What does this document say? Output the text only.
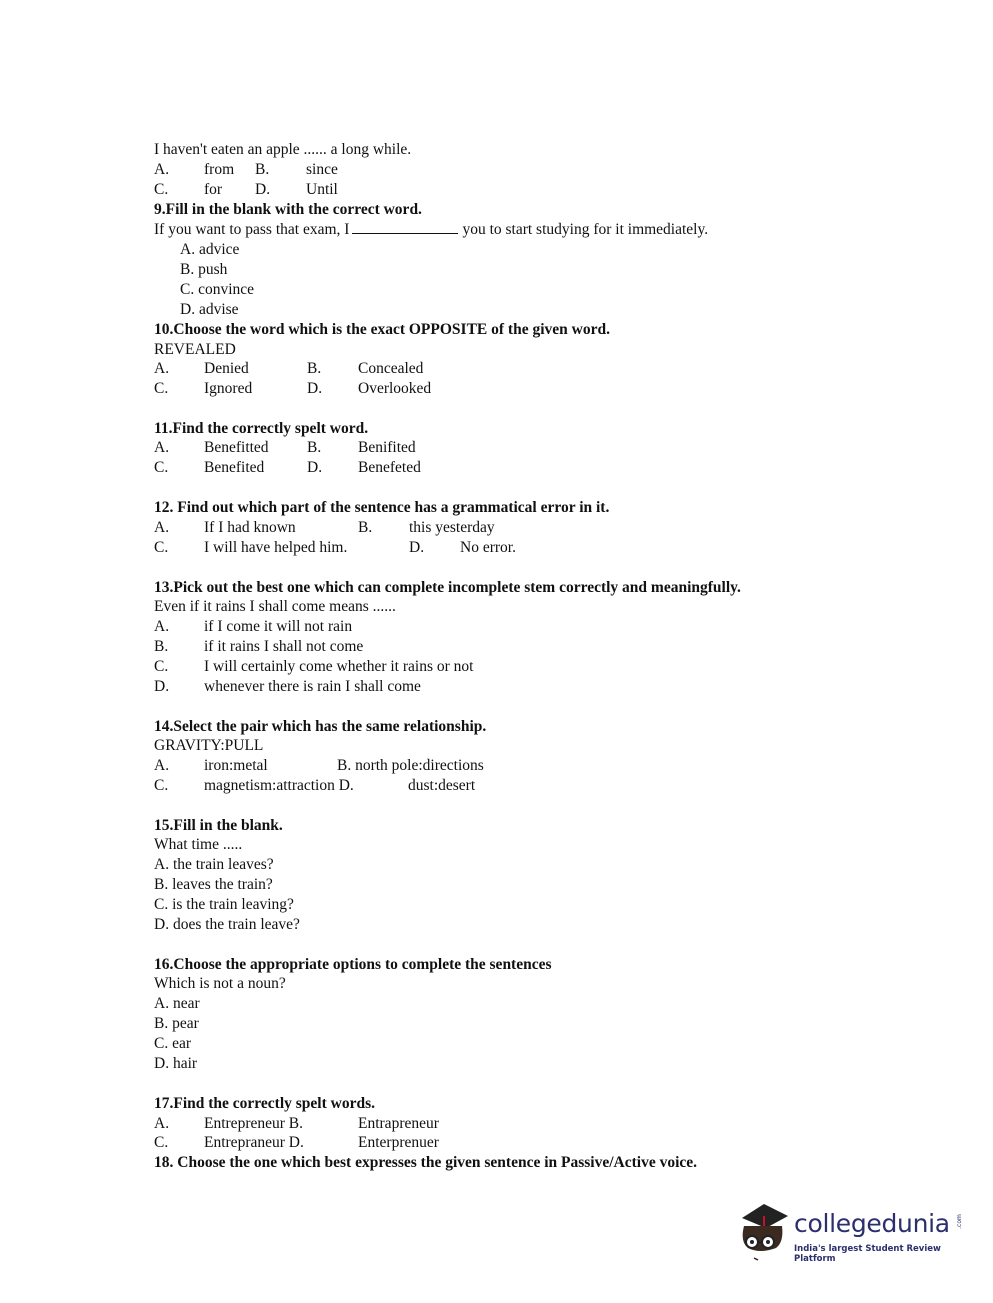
I haven't eaten an apple ...... a long while.
A. from B. since
C. for D. Until
9.Fill in the blank with the correct word.
If you want to pass that exam, I	you to start studying for it immediately.
A. advice
B. push
C. convince
D. advise
10.Choose the word which is the exact OPPOSITE of the given word.
REVEALED
A. Denied	B. Concealed
C. Ignored	D. Overlooked
11.Find the correctly spelt word.
A. Benefitted B. Benifited
C. Benefited	D. Benefeted
12. Find out which part of the sentence has a grammatical error in it.
A. If I had known	B. this yesterday
C. I will have helped him.	D. No error.
13.Pick out the best one which can complete incomplete stem correctly and meaningfully.
Even if it rains I shall come means ......
A. if I come it will not rain
B. if it rains I shall not come
C. I will certainly come whether it rains or not
D. whenever there is rain I shall come
14.Select the pair which has the same relationship.
GRAVITY:PULL
A. iron:metal	B. north pole:directions
C. magnetism:attraction D.	dust:desert
15.Fill in the blank.
What time .....
A. the train leaves?
B. leaves the train?
C. is the train leaving?
D. does the train leave?
16.Choose the appropriate options to complete the sentences
Which is not a noun?
A. near
B. pear
C. ear
D. hair
17.Find the correctly spelt words.
A. Entrepreneur B.	Entrapreneur
C. Entrepraneur D.	Enterprenuer
18. Choose the one which best expresses the given sentence in Passive/Active voice.
collegedunia .com
India's largest Student Review Platform
